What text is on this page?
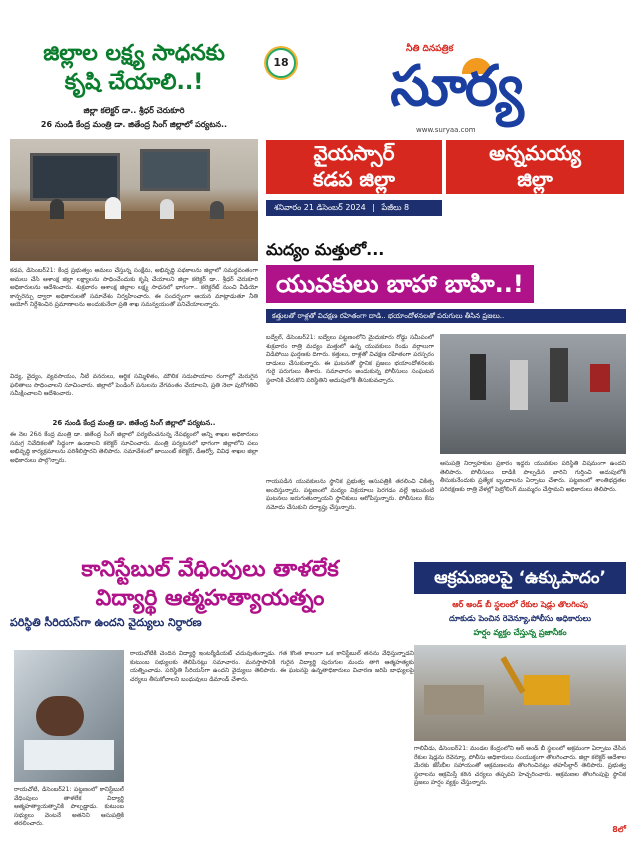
జిల్లాల లక్ష్య సాధనకు
కృషి చేయాలి..!
జిల్లా కలెక్టర్ డా.. శ్రీధర్ చెరుకూరి
26 నుండి కేంద్ర మంత్రి డా. జితేంద్ర సింగ్ జిల్లాలో పర్యటన..
కడప, డిసెంబర్21: కేంద్ర ప్రభుత్వం అమలు చేస్తున్న సంక్షేమ, అభివృద్ధి పథకాలను జిల్లాలో సమర్థవంతంగా అమలు చేసి ఆశాంక్ష జిల్లా లక్ష్యాలను సాధించేందుకు కృషి చేయాలని జిల్లా కలెక్టర్ డా.. శ్రీధర్ చెరుకూరి అధికారులను ఆదేశించారు. శుక్రవారం ఆశాంక్ష జిల్లాల లక్ష్య సాధనలో భాగంగా.. కలెక్టరేట్ నుంచి వీడియో కాన్ఫరెన్సు ద్వారా అధికారులతో సమావేశం నిర్వహించారు. ఈ సందర్భంగా ఆయన మాట్లాడుతూ నీతి ఆయోగ్ నిర్దేశించిన ప్రమాణాలను అందుకునేలా ప్రతి శాఖ సమన్వయంతో పనిచేయాలన్నారు.
విద్య, వైద్యం, వ్యవసాయం, నీటి వనరులు, ఆర్థిక సమ్మిళితం, మౌలిక సదుపాయాల రంగాల్లో మెరుగైన ఫలితాలు సాధించాలని సూచించారు. జిల్లాలో పెండింగ్ పనులను వేగవంతం చేయాలని, ప్రతి నెలా పురోగతిని సమీక్షించాలని ఆదేశించారు.
26 నుండి కేంద్ర మంత్రి డా. జితేంద్ర సింగ్ జిల్లాలో పర్యటన..
ఈ నెల 26న కేంద్ర మంత్రి డా. జితేంద్ర సింగ్ జిల్లాలో పర్యటించనున్న నేపథ్యంలో అన్ని శాఖల అధికారులు సమగ్ర నివేదికలతో సిద్ధంగా ఉండాలని కలెక్టర్ సూచించారు. మంత్రి పర్యటనలో భాగంగా జిల్లాలోని పలు అభివృద్ధి కార్యక్రమాలను పరిశీలిస్తారని తెలిపారు. సమావేశంలో జాయింట్ కలెక్టర్, డీఆర్వో, వివిధ శాఖల జిల్లా అధికారులు పాల్గొన్నారు.
18
నీతి దినపత్రిక
సూర్య
www.suryaa.com
వైయస్సార్
కడప జిల్లా
అన్నమయ్య
జిల్లా
శనివారం 21 డిసెంబర్ 2024 | పేజీలు 8
మద్యం మత్తులో...
యువకులు బాహా బాహి..!
కత్తులతో రాళ్లతో విచక్షణ రహితంగా దాడి.. భయాందోళనలతో పరుగులు తీసిన ప్రజలు..
బద్వేల్, డిసెంబర్21: బద్వేలు పట్టణంలోని మైదుకూరు రోడ్డు సమీపంలో శుక్రవారం రాత్రి మద్యం మత్తులో ఉన్న యువకులు రెండు వర్గాలుగా విడిపోయి ఘర్షణకు దిగారు. కత్తులు, రాళ్లతో విచక్షణ రహితంగా పరస్పరం దాడులు చేసుకున్నారు. ఈ ఘటనతో స్థానిక ప్రజలు భయాందోళనలకు గురై పరుగులు తీశారు. సమాచారం అందుకున్న పోలీసులు సంఘటన స్థలానికి చేరుకొని పరిస్థితిని అదుపులోకి తీసుకువచ్చారు.
గాయపడిన యువకులను స్థానిక ప్రభుత్వ ఆసుపత్రికి తరలించి చికిత్స అందిస్తున్నారు. పట్టణంలో మద్యం విక్రయాలు పెరగడం వల్లే ఇటువంటి ఘటనలు జరుగుతున్నాయని స్థానికులు ఆరోపిస్తున్నారు. పోలీసులు కేసు నమోదు చేసుకుని దర్యాప్తు చేస్తున్నారు.
ఆసుపత్రి నిర్వాహకుల ప్రకారం ఇద్దరు యువకుల పరిస్థితి విషమంగా ఉందని తెలిపారు. పోలీసులు దాడికి పాల్పడిన వారిని గుర్తించి అదుపులోకి తీసుకునేందుకు ప్రత్యేక బృందాలను ఏర్పాటు చేశారు. పట్టణంలో శాంతిభద్రతల పరిరక్షణకు రాత్రి వేళల్లో పెట్రోలింగ్ ముమ్మరం చేస్తామని అధికారులు తెలిపారు.
కానిస్టేబుల్ వేధింపులు తాళలేక
విద్యార్థి ఆత్మహత్యాయత్నం
పరిస్థితి సీరియస్‌గా ఉందని వైద్యులు నిర్ధారణ
రాయచోటి, డిసెంబర్21: పట్టణంలో కానిస్టేబుల్ వేధింపులు తాళలేక విద్యార్థి ఆత్మహత్యాయత్నానికి పాల్పడ్డాడు. కుటుంబ సభ్యులు వెంటనే అతనిని ఆసుపత్రికి తరలించారు.
రాయచోటికి చెందిన విద్యార్థి ఇంటర్మీడియట్ చదువుతున్నాడు. గత కొంత కాలంగా ఒక కానిస్టేబుల్ తనను వేధిస్తున్నాడని కుటుంబ సభ్యులకు తెలిపినట్లు సమాచారం. మనస్తాపానికి గురైన విద్యార్థి పురుగుల మందు తాగి ఆత్మహత్యకు యత్నించాడు. పరిస్థితి సీరియస్‌గా ఉందని వైద్యులు తెలిపారు. ఈ ఘటనపై ఉన్నతాధికారులు విచారణ జరిపి బాధ్యులపై చర్యలు తీసుకోవాలని బంధువులు డిమాండ్ చేశారు.
ఆక్రమణలపై ‘ఉక్కుపాదం’
ఆర్ అండ్ బీ స్థలంలో రేకుల షెడ్లు తొలగింపు
దూకుడు పెంచిన రెవెన్యూ,పోలీసు అధికారులు
హర్షం వ్యక్తం చేస్తున్న ప్రజానీకం
గాలివీడు, డిసెంబర్21: మండల కేంద్రంలోని ఆర్ అండ్ బీ స్థలంలో అక్రమంగా ఏర్పాటు చేసిన రేకుల షెడ్లను రెవెన్యూ, పోలీసు అధికారులు సంయుక్తంగా తొలగించారు. జిల్లా కలెక్టర్ ఆదేశాల మేరకు జేసీబీల సహాయంతో ఆక్రమణలను తొలగించినట్లు తహసీల్దార్ తెలిపారు. ప్రభుత్వ స్థలాలను ఆక్రమిస్తే కఠిన చర్యలు తప్పవని హెచ్చరించారు. ఆక్రమణల తొలగింపుపై స్థానిక ప్రజలు హర్షం వ్యక్తం చేస్తున్నారు.
8లో
